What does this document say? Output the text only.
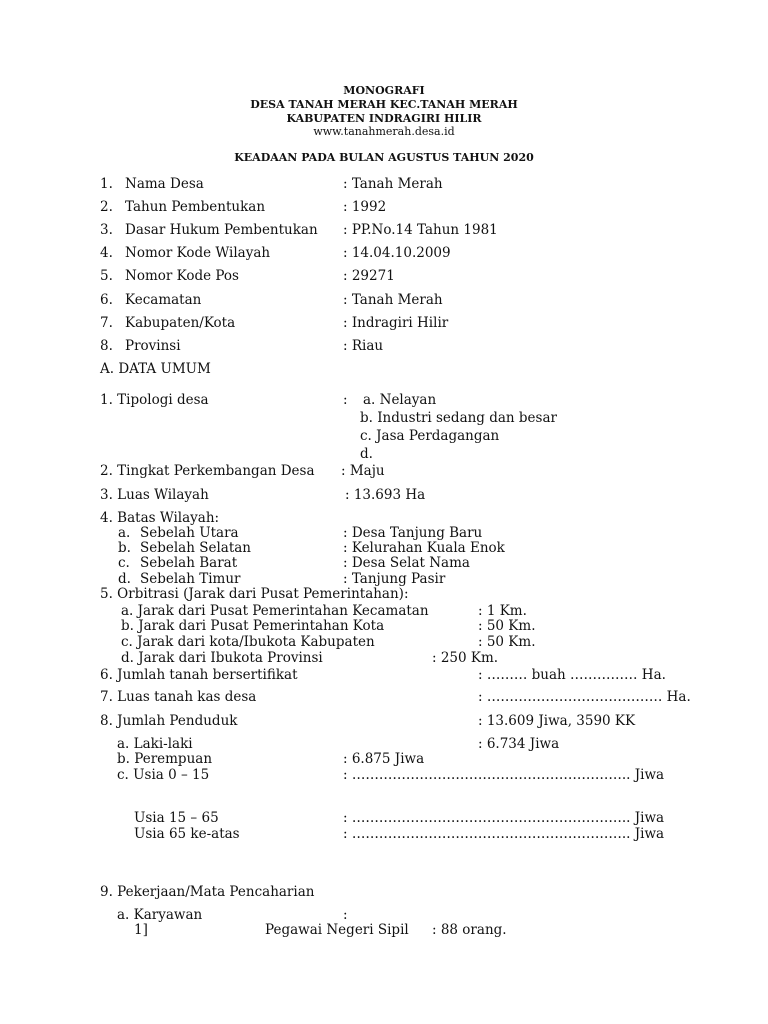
MONOGRAFI
DESA TANAH MERAH KEC.TANAH MERAH
KABUPATEN INDRAGIRI HILIR
www.tanahmerah.desa.id
KEADAAN PADA BULAN AGUSTUS TAHUN 2020
1. Nama Desa	: Tanah Merah
2. Tahun Pembentukan	: 1992
3. Dasar Hukum Pembentukan : PP.No.14 Tahun 1981
4. Nomor Kode Wilayah	: 14.04.10.2009
5. Nomor Kode Pos	: 29271
6. Kecamatan	: Tanah Merah
7. Kabupaten/Kota	: Indragiri Hilir
8. Provinsi	: Riau
A. DATA UMUM
1. Tipologi desa	: a. Nelayan
b. Industri sedang dan besar
c. Jasa Perdagangan
d.
2. Tingkat Perkembangan Desa : Maju
3. Luas Wilayah	: 13.693 Ha
4. Batas Wilayah:
a. Sebelah Utara	: Desa Tanjung Baru
b. Sebelah Selatan	: Kelurahan Kuala Enok
c. Sebelah Barat	: Desa Selat Nama
d. Sebelah Timur	: Tanjung Pasir
5. Orbitrasi (Jarak dari Pusat Pemerintahan):
a. Jarak dari Pusat Pemerintahan Kecamatan	: 1 Km.
b. Jarak dari Pusat Pemerintahan Kota	: 50 Km.
c. Jarak dari kota/Ibukota Kabupaten	: 50 Km.
d. Jarak dari Ibukota Provinsi	: 250 Km.
6. Jumlah tanah bersertifikat	: ……… buah …………… Ha.
7. Luas tanah kas desa	: ………………………………… Ha.
8. Jumlah Penduduk	: 13.609 Jiwa, 3590 KK
a. Laki-laki	: 6.734 Jiwa
b. Perempuan	: 6.875 Jiwa
c. Usia 0 – 15	: …………………………………………………….. Jiwa
Usia 15 – 65	: …………………………………………………….. Jiwa
Usia 65 ke-atas	: …………………………………………………….. Jiwa
9. Pekerjaan/Mata Pencaharian
a. Karyawan	:
1]	Pegawai Negeri Sipil : 88 orang.
